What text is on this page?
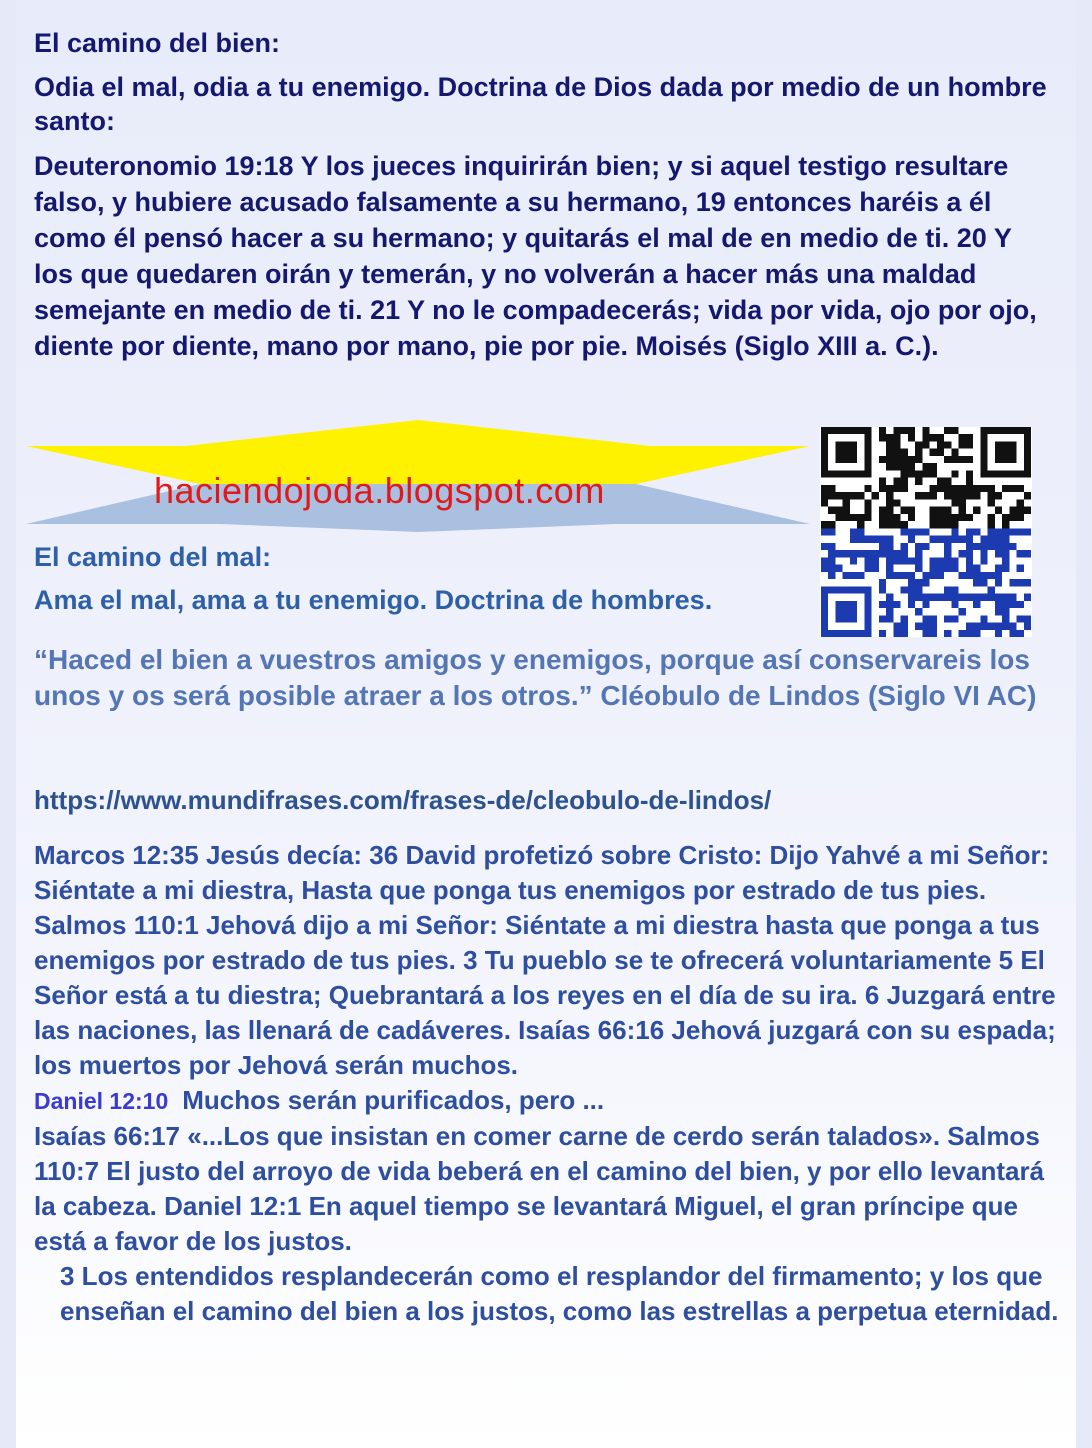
El camino del bien:

Odia el mal, odia a tu enemigo. Doctrina de Dios dada por medio de un hombre santo:

Deuteronomio 19:18 Y los jueces inquirirán bien; y si aquel testigo resultare falso, y hubiere acusado falsamente a su hermano, 19 entonces haréis a él como él pensó hacer a su hermano; y quitarás el mal de en medio de ti. 20 Y los que quedaren oirán y temerán, y no volverán a hacer más una maldad semejante en medio de ti. 21 Y no le compadecerás; vida por vida, ojo por ojo, diente por diente, mano por mano, pie por pie. Moisés (Siglo XIII a. C.).

haciendojoda.blogspot.com
El camino del mal:
Ama el mal, ama a tu enemigo. Doctrina de hombres.
“Haced el bien a vuestros amigos y enemigos, porque así conservareis los unos y os será posible atraer a los otros.” Cléobulo de Lindos (Siglo VI AC)
https://www.mundifrases.com/frases-de/cleobulo-de-lindos/

Marcos 12:35 Jesús decía: 36 David profetizó sobre Cristo: Dijo Yahvé a mi Señor: Siéntate a mi diestra, Hasta que ponga tus enemigos por estrado de tus pies. Salmos 110:1 Jehová dijo a mi Señor: Siéntate a mi diestra hasta que ponga a tus enemigos por estrado de tus pies. 3 Tu pueblo se te ofrecerá voluntariamente 5 El Señor está a tu diestra; Quebrantará a los reyes en el día de su ira. 6 Juzgará entre las naciones, las llenará de cadáveres. Isaías 66:16 Jehová juzgará con su espada; los muertos por Jehová serán muchos.

Daniel 12:10 Muchos serán purificados, pero ...

Isaías 66:17 «...Los que insistan en comer carne de cerdo serán talados». Salmos 110:7 El justo del arroyo de vida beberá en el camino del bien, y por ello levantará la cabeza. Daniel 12:1 En aquel tiempo se levantará Miguel, el gran príncipe que está a favor de los justos.

3 Los entendidos resplandecerán como el resplandor del firmamento; y los que enseñan el camino del bien a los justos, como las estrellas a perpetua eternidad.
